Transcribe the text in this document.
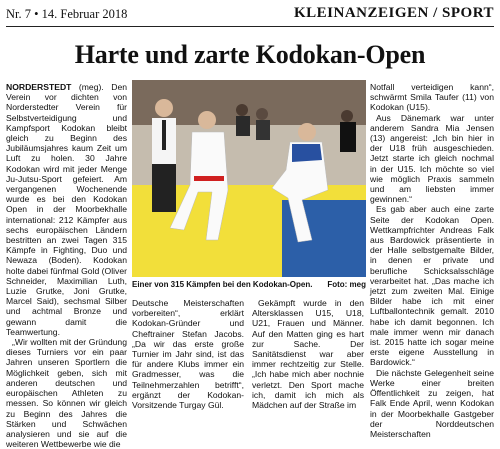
Nr. 7 • 14. Februar 2018	KLEINANZEIGEN / SPORT
Harte und zarte Kodokan-Open

NORDERSTEDT (meg). Den Verein vor dichten von Norderstedter Verein für Selbstverteidigung und Kampfsport Kodokan bleibt gleich zu Beginn des Jubiläumsjahres kaum Zeit um Luft zu holen. 30 Jahre Kodokan wird mit jeder Menge Ju-Jutsu-Sport gefeiert. Am vergangenen Wochenende wurde es bei den Kodokan Open in der Moorbekhalle international: 212 Kämpfer aus sechs europäischen Ländern bestritten an zwei Tagen 315 Kämpfe in Fighting, Duo und Newaza (Boden). Kodokan holte dabei fünfmal Gold (Oliver Schneider, Maximilian Luth, Luzie Grutke, Joni Grutke, Marcel Said), sechsmal Silber und achtmal Bronze und gewann damit die Teamwertung.

„Wir wollten mit der Gründung dieses Turniers vor ein paar Jahren unseren Sportlern die Möglichkeit geben, sich mit anderen deutschen und europäischen Athleten zu messen. So können wir gleich zu Beginn des Jahres die Stärken und Schwächen analysieren und sie auf die weiteren Wettbewerbe wie die

Einer von 315 Kämpfen bei den Kodokan-Open. Foto: meg

Deutsche Meisterschaften vorbereiten“, erklärt Kodokan-Gründer und Cheftrainer Stefan Jacobs. „Da wir das erste große Turnier im Jahr sind, ist das für andere Klubs immer ein Gradmesser, was die Teilnehmerzahlen betrifft“, ergänzt der Kodokan-Vorsitzende Turgay Gül.

Gekämpft wurde in den Altersklassen U15, U18, U21, Frauen und Männer. Auf den Matten ging es hart zur Sache. Der Sanitätsdienst war aber immer rechtzeitig zur Stelle. „Ich habe mich aber nochnie verletzt. Den Sport mache ich, damit ich mich als Mädchen auf der Straße im

Notfall verteidigen kann“, schwärmt Smila Taufer (11) von Kodokan (U15).

Aus Dänemark war unter anderem Sandra Mia Jensen (13) angereist: „Ich bin hier in der U18 früh ausgeschieden. Jetzt starte ich gleich nochmal in der U15. Ich möchte so viel wie möglich Praxis sammeln und am liebsten immer gewinnen.“

Es gab aber auch eine zarte Seite der Kodokan Open. Wettkampfrichter Andreas Falk aus Bardowick präsentierte in der Halle selbstgemalte Bilder, in denen er private und berufliche Schicksalsschläge verarbeitet hat. „Das mache ich jetzt zum zweiten Mal. Einige Bilder habe ich mit einer Luftballontechnik gemalt. 2010 habe ich damit begonnen. Ich male immer wenn mir danach ist. 2015 hatte ich sogar meine erste eigene Ausstellung in Bardowick.“

Die nächste Gelegenheit seine Werke einer breiten Öffentlichkeit zu zeigen, hat Falk Ende April, wenn Kodokan in der Moorbekhalle Gastgeber der Norddeutschen Meisterschaften
